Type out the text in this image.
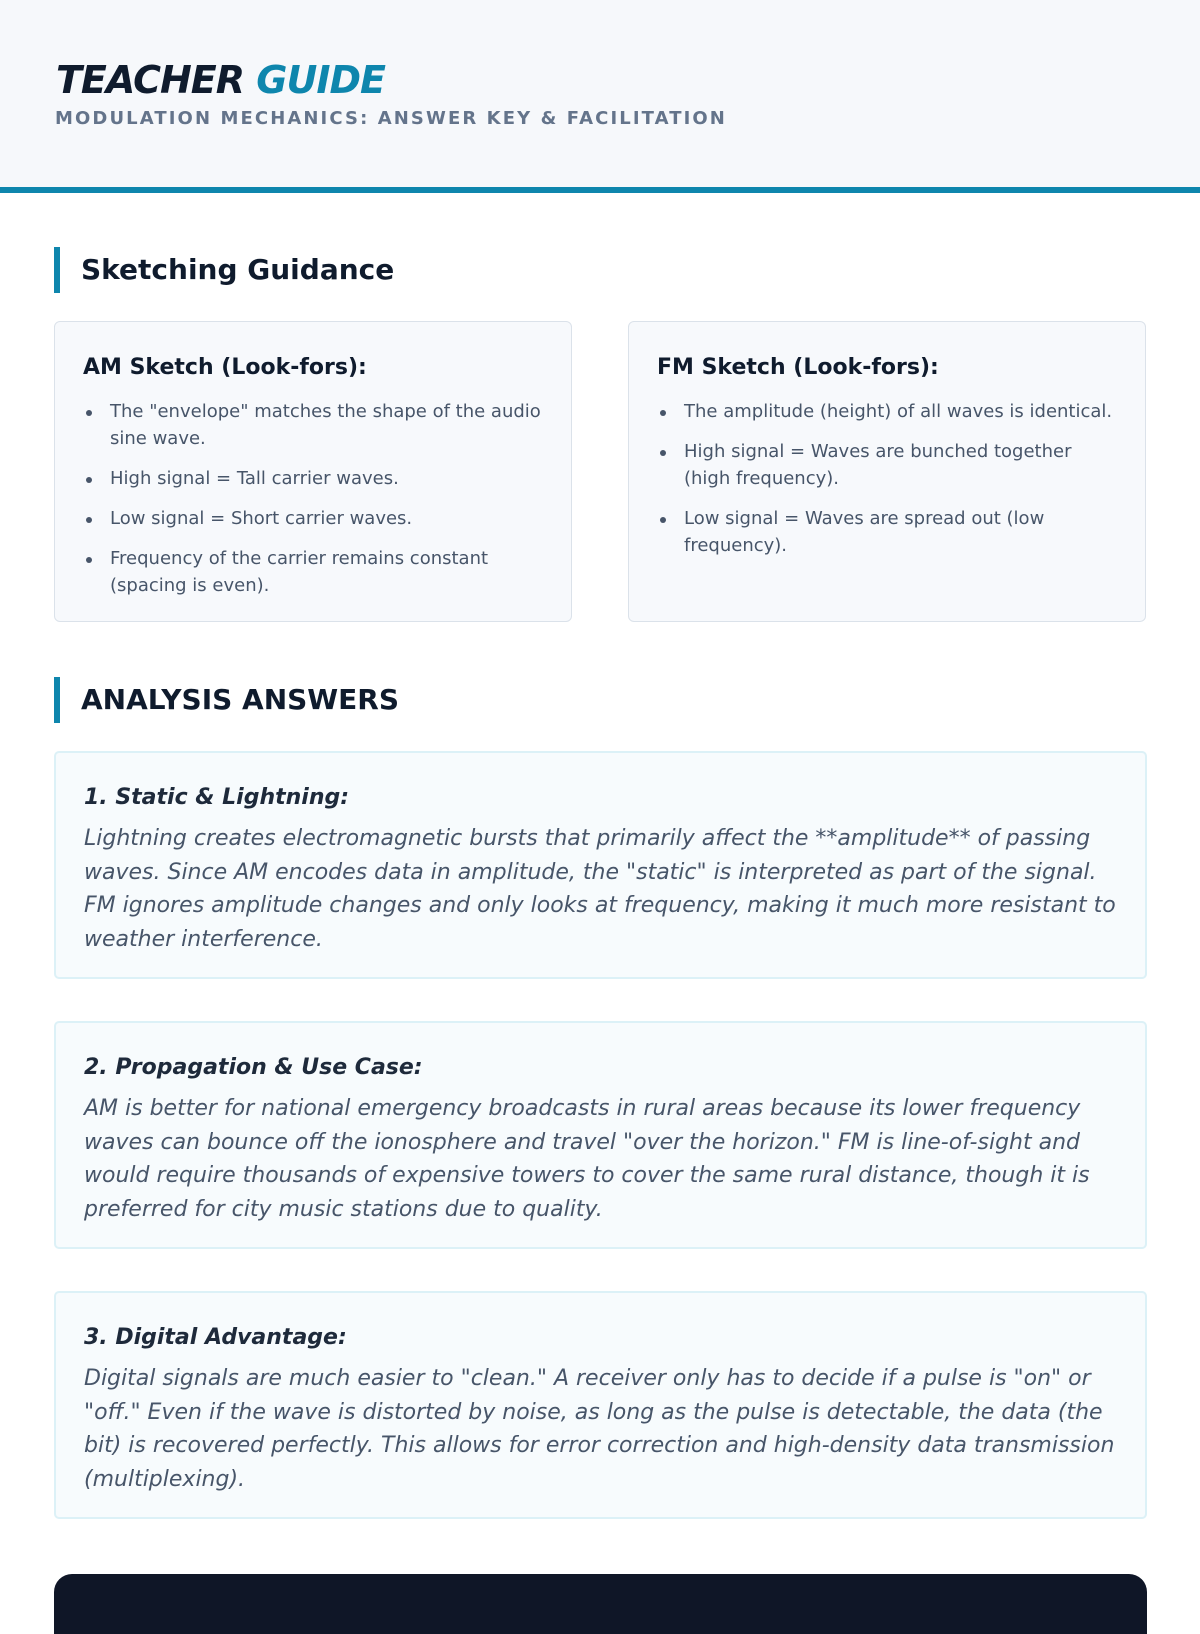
TEACHER GUIDE
MODULATION MECHANICS: ANSWER KEY & FACILITATION
Sketching Guidance
AM Sketch (Look-fors):
The "envelope" matches the shape of the audio sine wave.
High signal = Tall carrier waves.
Low signal = Short carrier waves.
Frequency of the carrier remains constant (spacing is even).
FM Sketch (Look-fors):
The amplitude (height) of all waves is identical.
High signal = Waves are bunched together (high frequency).
Low signal = Waves are spread out (low frequency).
ANALYSIS ANSWERS
1. Static & Lightning:

Lightning creates electromagnetic bursts that primarily affect the **amplitude** of passing waves. Since AM encodes data in amplitude, the "static" is interpreted as part of the signal. FM ignores amplitude changes and only looks at frequency, making it much more resistant to weather interference.

2. Propagation & Use Case:

AM is better for national emergency broadcasts in rural areas because its lower frequency waves can bounce off the ionosphere and travel "over the horizon." FM is line-of-sight and would require thousands of expensive towers to cover the same rural distance, though it is preferred for city music stations due to quality.

3. Digital Advantage:

Digital signals are much easier to "clean." A receiver only has to decide if a pulse is "on" or "off." Even if the wave is distorted by noise, as long as the pulse is detectable, the data (the bit) is recovered perfectly. This allows for error correction and high-density data transmission (multiplexing).
